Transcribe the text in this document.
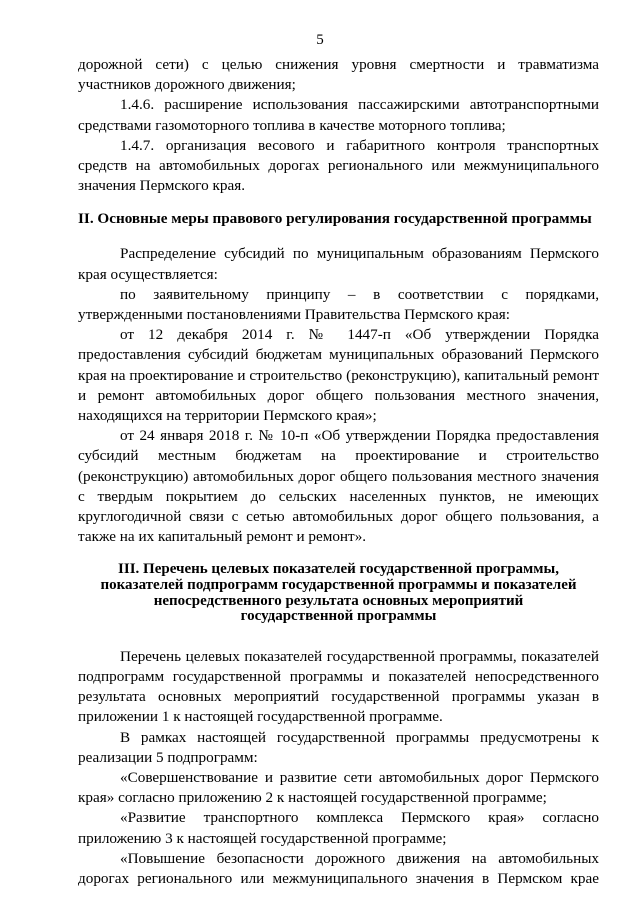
5

дорожной сети) с целью снижения уровня смертности и травматизма участников дорожного движения;

1.4.6. расширение использования пассажирскими автотранспортными средствами газомоторного топлива в качестве моторного топлива;

1.4.7. организация весового и габаритного контроля транспортных средств на автомобильных дорогах регионального или межмуниципального значения Пермского края.

II. Основные меры правового регулирования государственной программы

Распределение субсидий по муниципальным образованиям Пермского края осуществляется:

по заявительному принципу – в соответствии с порядками, утвержденными постановлениями Правительства Пермского края:

от 12 декабря 2014 г. № 1447-п «Об утверждении Порядка предоставления субсидий бюджетам муниципальных образований Пермского края на проектирование и строительство (реконструкцию), капитальный ремонт и ремонт автомобильных дорог общего пользования местного значения, находящихся на территории Пермского края»;

от 24 января 2018 г. № 10-п «Об утверждении Порядка предоставления субсидий местным бюджетам на проектирование и строительство (реконструкцию) автомобильных дорог общего пользования местного значения с твердым покрытием до сельских населенных пунктов, не имеющих круглогодичной связи с сетью автомобильных дорог общего пользования, а также на их капитальный ремонт и ремонт».

III. Перечень целевых показателей государственной программы,
показателей подпрограмм государственной программы и показателей
непосредственного результата основных мероприятий
государственной программы

Перечень целевых показателей государственной программы, показателей подпрограмм государственной программы и показателей непосредственного результата основных мероприятий государственной программы указан в приложении 1 к настоящей государственной программе.

В рамках настоящей государственной программы предусмотрены к реализации 5 подпрограмм:

«Совершенствование и развитие сети автомобильных дорог Пермского края» согласно приложению 2 к настоящей государственной программе;

«Развитие транспортного комплекса Пермского края» согласно приложению 3 к настоящей государственной программе;

«Повышение безопасности дорожного движения на автомобильных дорогах регионального или межмуниципального значения в Пермском крае
